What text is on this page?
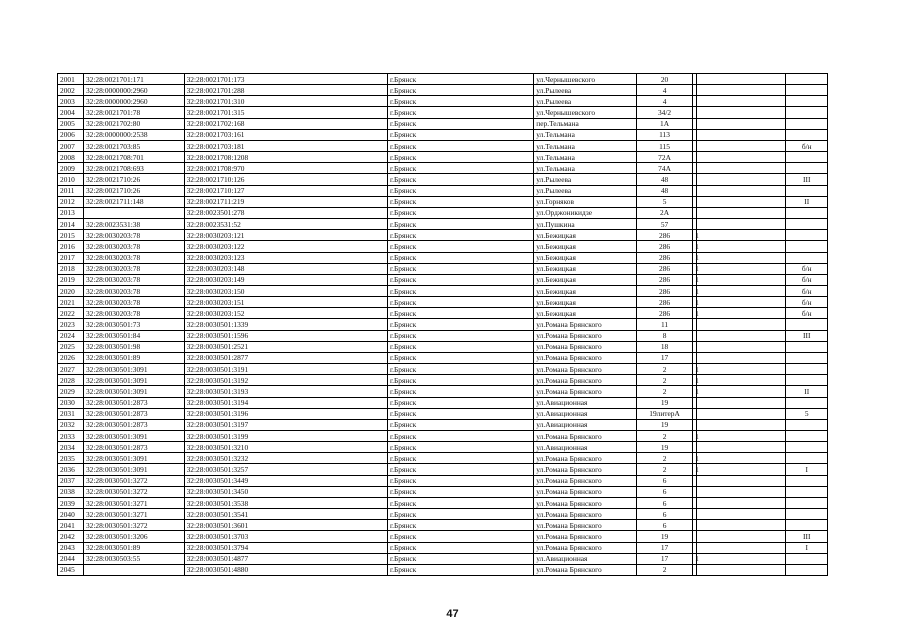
2001	32:28:0021701:171	32:28:0021701:173	г.Брянск	ул.Чернышевского	20			
2002	32:28:0000000:2960	32:28:0021701:288	г.Брянск	ул.Рылеева	4			
2003	32:28:0000000:2960	32:28:0021701:310	г.Брянск	ул.Рылеева	4			
2004	32:28:0021701:78	32:28:0021701:315	г.Брянск	ул.Чернышевского	34/2			
2005	32:28:0021702:80	32:28:0021702:168	г.Брянск	пер.Тельмана	1А			
2006	32:28:0000000:2538	32:28:0021703:161	г.Брянск	ул.Тельмана	113			
2007	32:28:0021703:85	32:28:0021703:181	г.Брянск	ул.Тельмана	115			б/н
2008	32:28:0021708:701	32:28:0021708:1208	г.Брянск	ул.Тельмана	72А			
2009	32:28:0021708:693	32:28:0021708:970	г.Брянск	ул.Тельмана	74А			
2010	32:28:0021710:26	32:28:0021710:126	г.Брянск	ул.Рылеева	48			III
2011	32:28:0021710:26	32:28:0021710:127	г.Брянск	ул.Рылеева	48			
2012	32:28:0021711:148	32:28:0021711:219	г.Брянск	ул.Горняков	5			II
2013		32:28:0023501:278	г.Брянск	ул.Орджоникидзе	2А			
2014	32:28:0023531:38	32:28:0023531:52	г.Брянск	ул.Пушкина	57			
2015	32:28:0030203:78	32:28:0030203:121	г.Брянск	ул.Бежицкая	286	1		
2016	32:28:0030203:78	32:28:0030203:122	г.Брянск	ул.Бежицкая	286	1		
2017	32:28:0030203:78	32:28:0030203:123	г.Брянск	ул.Бежицкая	286	1		
2018	32:28:0030203:78	32:28:0030203:148	г.Брянск	ул.Бежицкая	286	1		б/н
2019	32:28:0030203:78	32:28:0030203:149	г.Брянск	ул.Бежицкая	286	1		б/н
2020	32:28:0030203:78	32:28:0030203:150	г.Брянск	ул.Бежицкая	286	1		б/н
2021	32:28:0030203:78	32:28:0030203:151	г.Брянск	ул.Бежицкая	286	1		б/н
2022	32:28:0030203:78	32:28:0030203:152	г.Брянск	ул.Бежицкая	286	1		б/н
2023	32:28:0030501:73	32:28:0030501:1339	г.Брянск	ул.Романа Брянского	11			
2024	32:28:0030501:84	32:28:0030501:1596	г.Брянск	ул.Романа Брянского	8			III
2025	32:28:0030501:98	32:28:0030501:2521	г.Брянск	ул.Романа Брянского	18			
2026	32:28:0030501:89	32:28:0030501:2877	г.Брянск	ул.Романа Брянского	17			
2027	32:28:0030501:3091	32:28:0030501:3191	г.Брянск	ул.Романа Брянского	2	1		
2028	32:28:0030501:3091	32:28:0030501:3192	г.Брянск	ул.Романа Брянского	2	1		
2029	32:28:0030501:3091	32:28:0030501:3193	г.Брянск	ул.Романа Брянского	2	1		II
2030	32:28:0030501:2873	32:28:0030501:3194	г.Брянск	ул.Авиационная	19			
2031	32:28:0030501:2873	32:28:0030501:3196	г.Брянск	ул.Авиационная	19литерА			5
2032	32:28:0030501:2873	32:28:0030501:3197	г.Брянск	ул.Авиационная	19			
2033	32:28:0030501:3091	32:28:0030501:3199	г.Брянск	ул.Романа Брянского	2	1		
2034	32:28:0030501:2873	32:28:0030501:3210	г.Брянск	ул.Авиационная	19			
2035	32:28:0030501:3091	32:28:0030501:3232	г.Брянск	ул.Романа Брянского	2	1		
2036	32:28:0030501:3091	32:28:0030501:3257	г.Брянск	ул.Романа Брянского	2	1		I
2037	32:28:0030501:3272	32:28:0030501:3449	г.Брянск	ул.Романа Брянского	6			
2038	32:28:0030501:3272	32:28:0030501:3450	г.Брянск	ул.Романа Брянского	6			
2039	32:28:0030501:3271	32:28:0030501:3538	г.Брянск	ул.Романа Брянского	6			
2040	32:28:0030501:3271	32:28:0030501:3541	г.Брянск	ул.Романа Брянского	6			
2041	32:28:0030501:3272	32:28:0030501:3601	г.Брянск	ул.Романа Брянского	6			
2042	32:28:0030501:3206	32:28:0030501:3703	г.Брянск	ул.Романа Брянского	19			III
2043	32:28:0030501:89	32:28:0030501:3794	г.Брянск	ул.Романа Брянского	17			I
2044	32:28:0030503:55	32:28:0030501:4877	г.Брянск	ул.Авиационная	17	1		
2045		32:28:0030501:4880	г.Брянск	ул.Романа Брянского	2			
47
